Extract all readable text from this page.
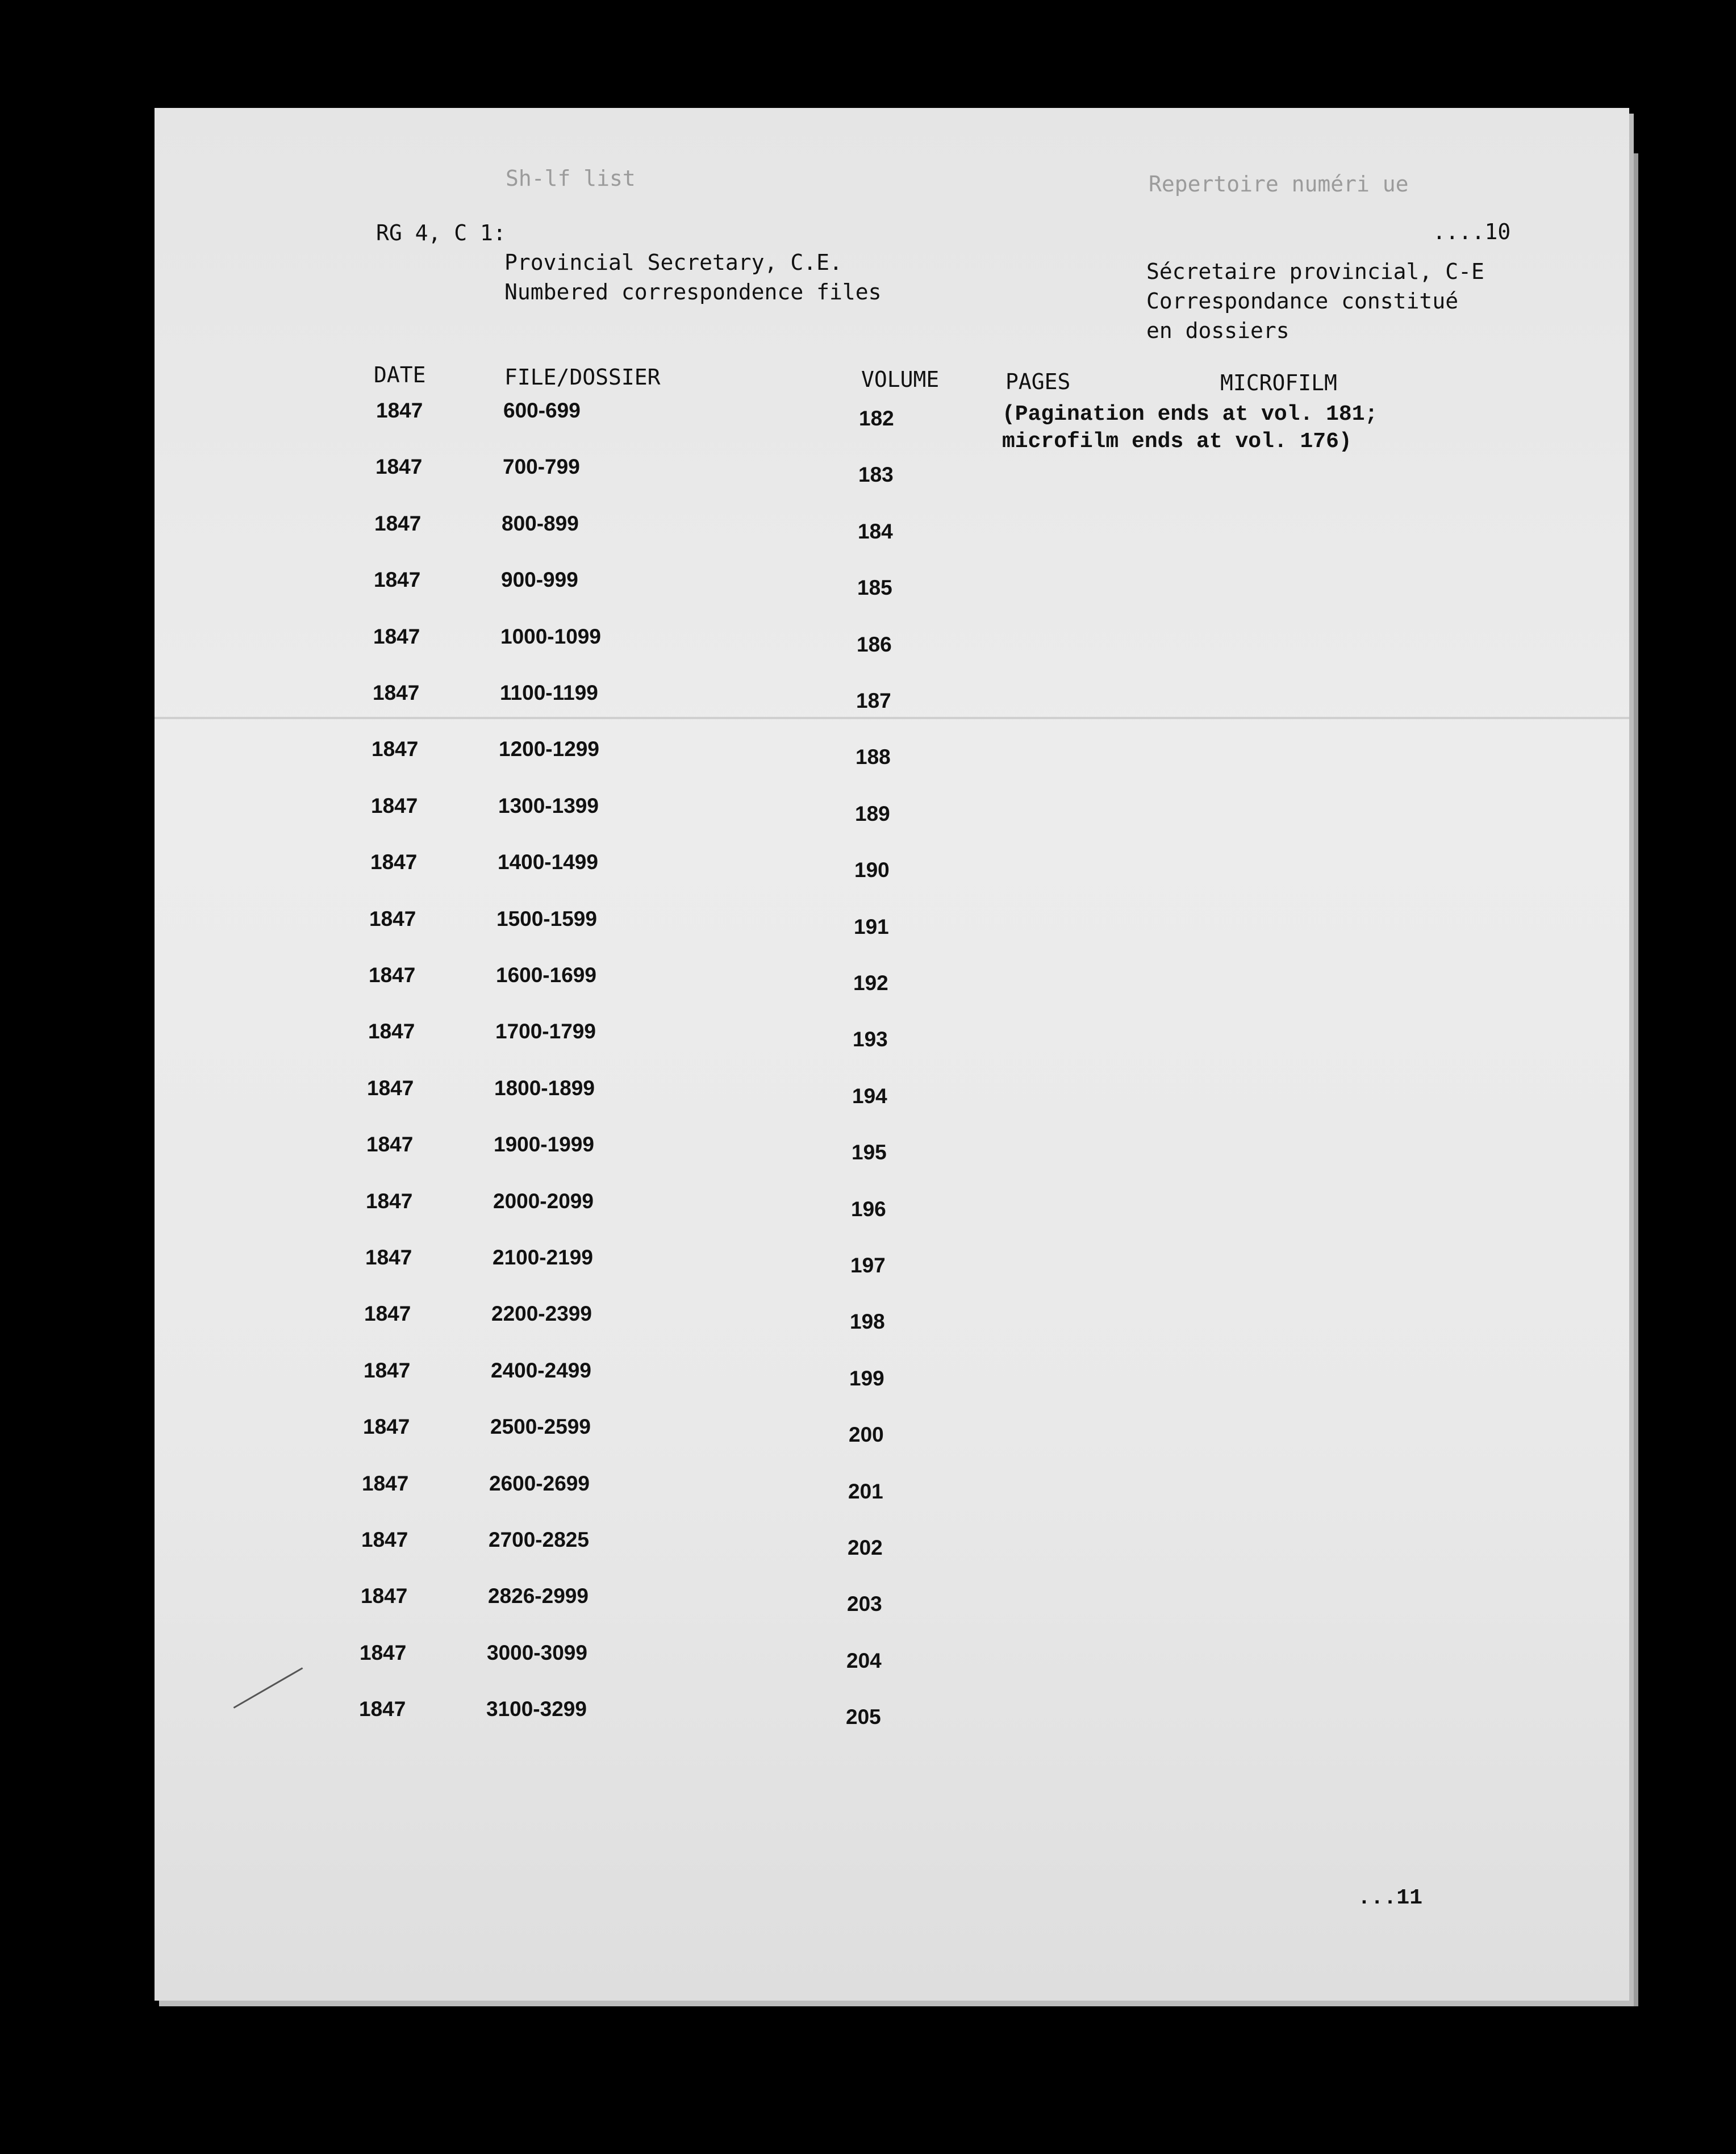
Sh-lf list	Repertoire numéri ue
RG 4, C 1:	....10
Provincial Secretary, C.E.
Numbered correspondence files
Sécretaire provincial, C-E
Correspondance constitué
en dossiers
DATE	FILE/DOSSIER	VOLUME	PAGES	MICROFILM
(Pagination ends at vol. 181;
microfilm ends at vol. 176)
1847	600-699	182
1847	700-799	183
1847	800-899	184
1847	900-999	185
1847	1000-1099	186
1847	1100-1199	187
1847	1200-1299	188
1847	1300-1399	189
1847	1400-1499	190
1847	1500-1599	191
1847	1600-1699	192
1847	1700-1799	193
1847	1800-1899	194
1847	1900-1999	195
1847	2000-2099	196
1847	2100-2199	197
1847	2200-2399	198
1847	2400-2499	199
1847	2500-2599	200
1847	2600-2699	201
1847	2700-2825	202
1847	2826-2999	203
1847	3000-3099	204
1847	3100-3299	205
...11
